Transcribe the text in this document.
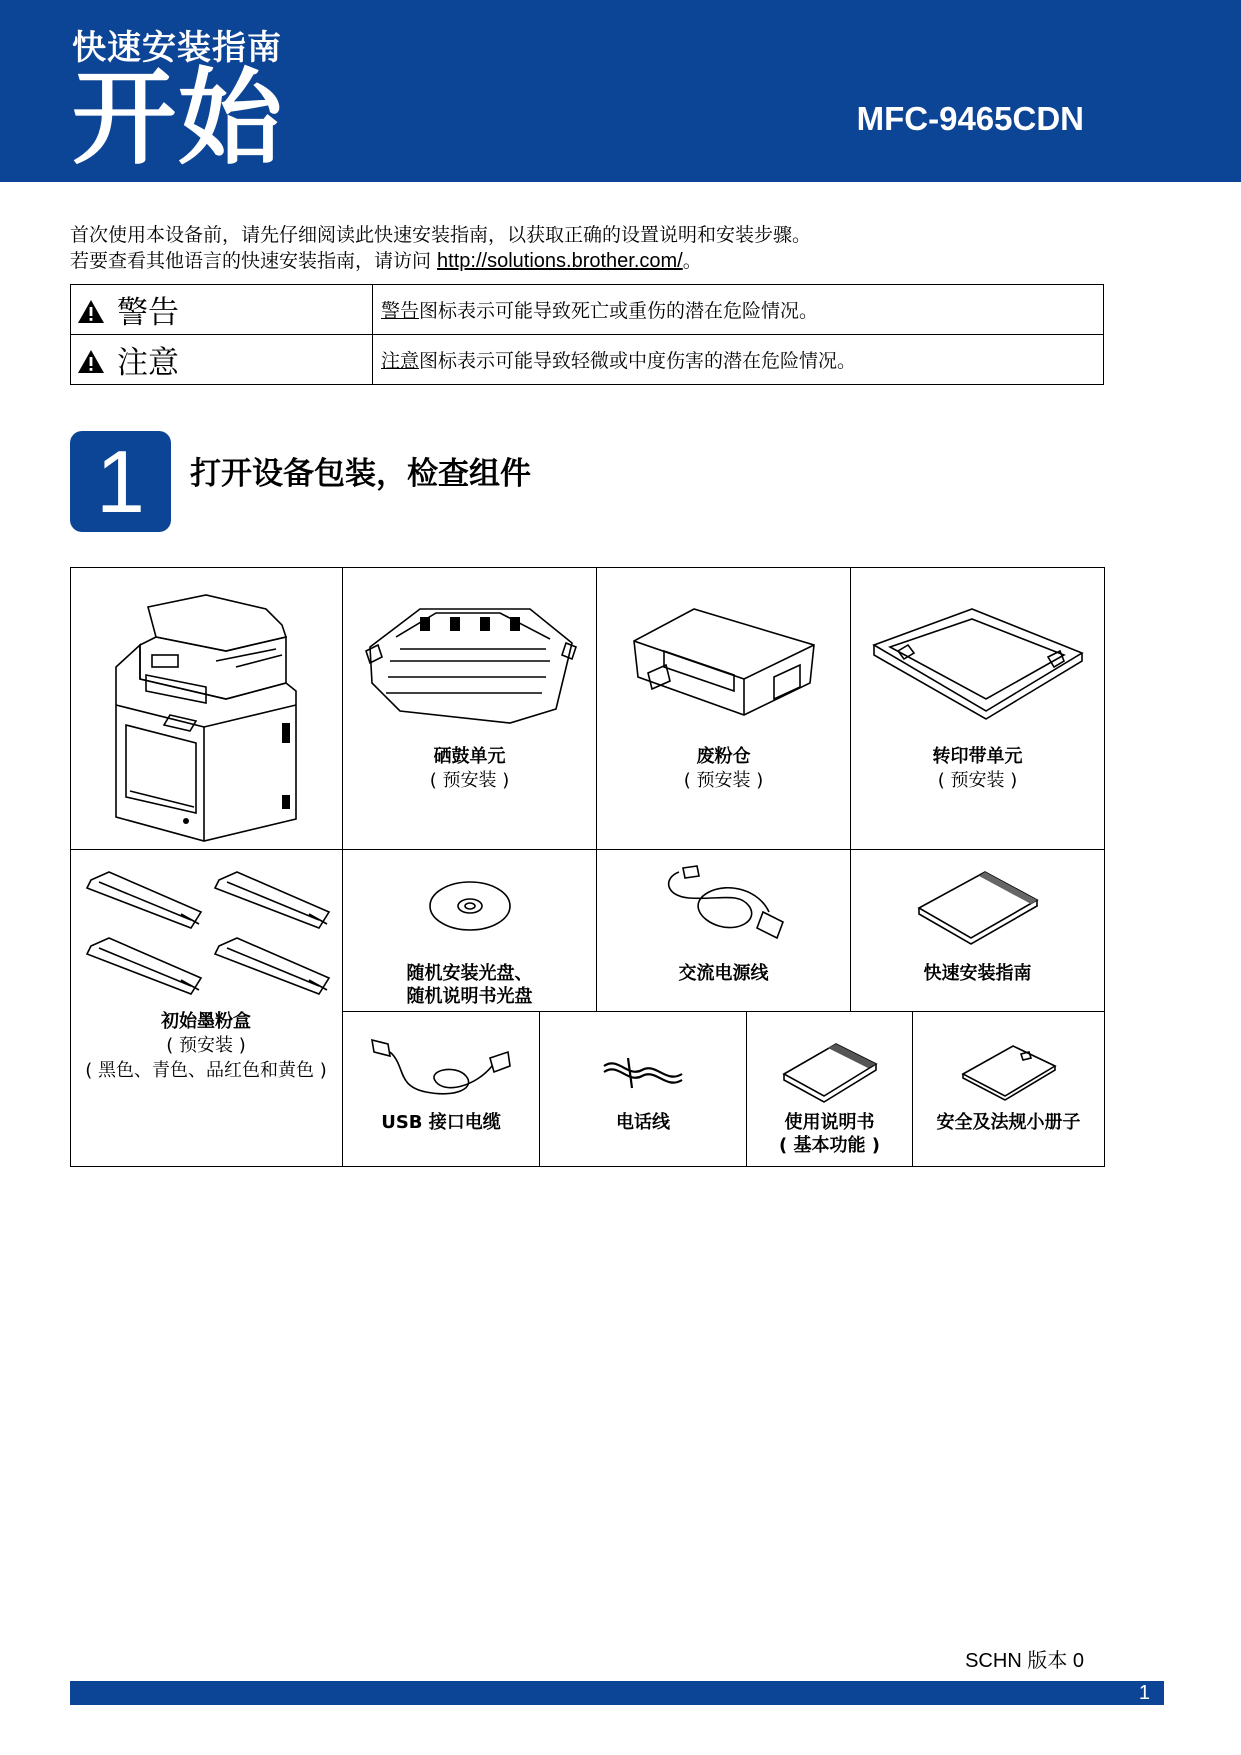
快速安装指南
开始	MFC-9465CDN
首次使用本设备前，请先仔细阅读此快速安装指南，以获取正确的设置说明和安装步骤。
若要查看其他语言的快速安装指南，请访问 http://solutions.brother.com/。
警告	警告图标表示可能导致死亡或重伤的潜在危险情况。
注意	注意图标表示可能导致轻微或中度伤害的潜在危险情况。
1	打开设备包装，检查组件
硒鼓单元
( 预安装 )
废粉仓
( 预安装 )
转印带单元
( 预安装 )
初始墨粉盒
( 预安装 )
( 黑色、青色、品红色和黄色 )
随机安装光盘、
随机说明书光盘
交流电源线	快速安装指南
USB 接口电缆	电话线	使用说明书
( 基本功能 )
安全及法规小册子
SCHN 版本 0
1
